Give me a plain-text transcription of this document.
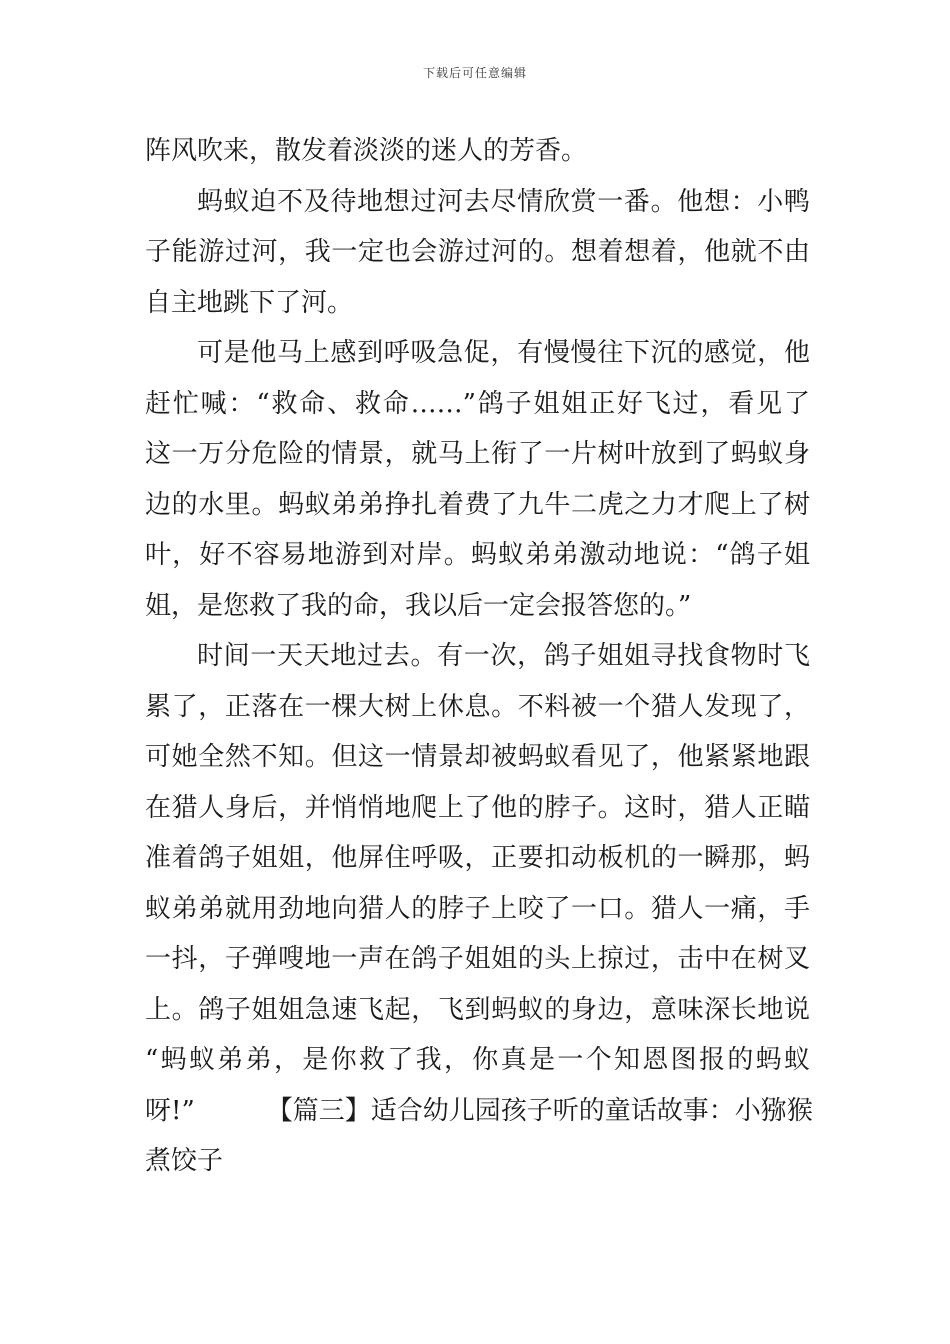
下载后可任意编辑
阵风吹来，散发着淡淡的迷人的芳香。
蚂蚁迫不及待地想过河去尽情欣赏一番。他想：小鸭
子能游过河，我一定也会游过河的。想着想着，他就不由
自主地跳下了河。
可是他马上感到呼吸急促，有慢慢往下沉的感觉，他
赶忙喊：“救命、救命……”鸽子姐姐正好飞过，看见了
这一万分危险的情景，就马上衔了一片树叶放到了蚂蚁身
边的水里。蚂蚁弟弟挣扎着费了九牛二虎之力才爬上了树
叶，好不容易地游到对岸。蚂蚁弟弟激动地说：“鸽子姐
姐，是您救了我的命，我以后一定会报答您的。”
时间一天天地过去。有一次，鸽子姐姐寻找食物时飞
累了，正落在一棵大树上休息。不料被一个猎人发现了，
可她全然不知。但这一情景却被蚂蚁看见了，他紧紧地跟
在猎人身后，并悄悄地爬上了他的脖子。这时，猎人正瞄
准着鸽子姐姐，他屏住呼吸，正要扣动板机的一瞬那，蚂
蚁弟弟就用劲地向猎人的脖子上咬了一口。猎人一痛，手
一抖，子弹嗖地一声在鸽子姐姐的头上掠过，击中在树叉
上。鸽子姐姐急速飞起，飞到蚂蚁的身边，意味深长地说
“蚂蚁弟弟，是你救了我，你真是一个知恩图报的蚂蚁
呀!”	【篇三】适合幼儿园孩子听的童话故事：小猕猴
煮饺子
